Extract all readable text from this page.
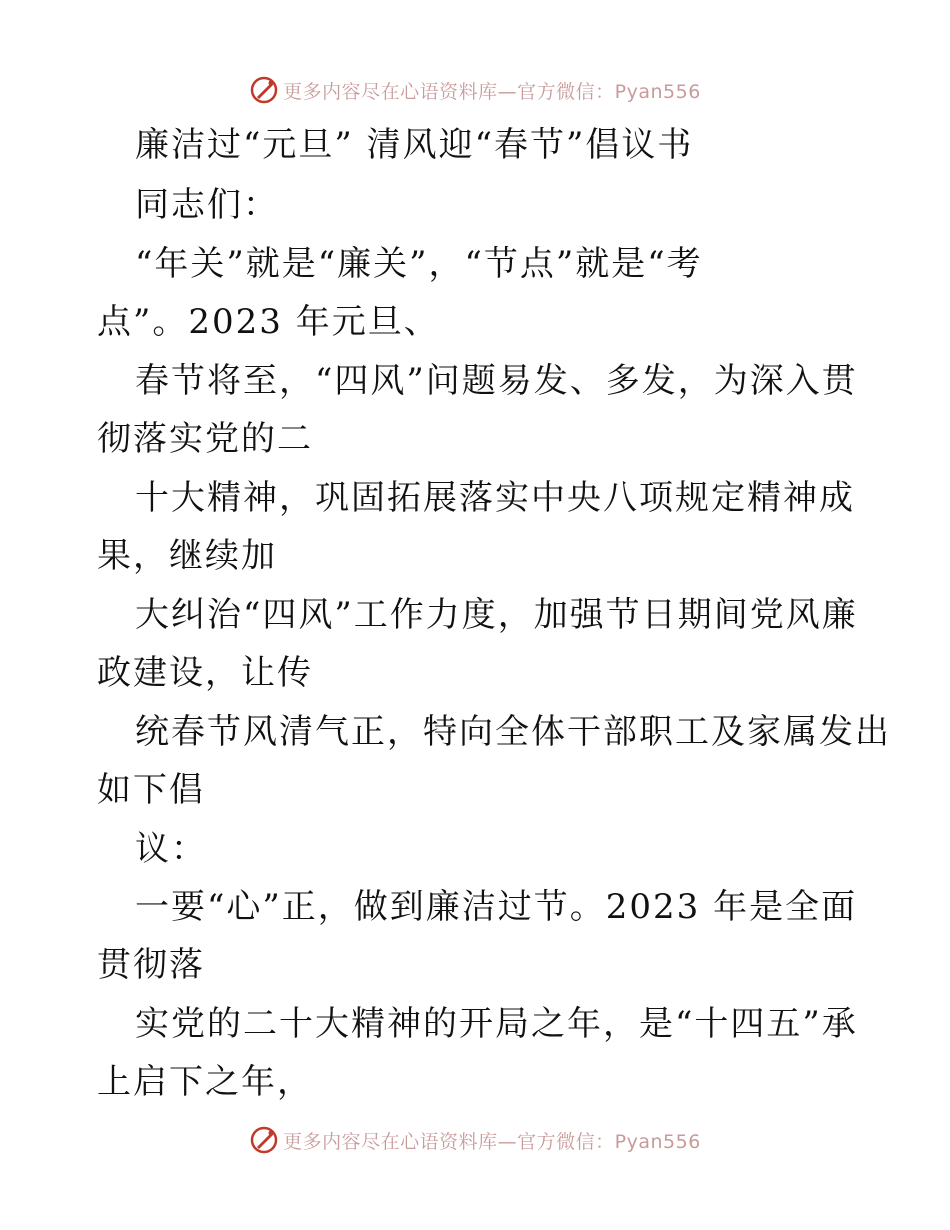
更多内容尽在心语资料库—官方微信：Pyan556
廉洁过“元旦” 清风迎“春节”倡议书
同志们：
“年关”就是“廉关”，“节点”就是“考
点”。2023 年元旦、
春节将至，“四风”问题易发、多发，为深入贯
彻落实党的二
十大精神，巩固拓展落实中央八项规定精神成
果，继续加
大纠治“四风”工作力度，加强节日期间党风廉
政建设，让传
统春节风清气正，特向全体干部职工及家属发出
如下倡
议：
一要“心”正，做到廉洁过节。2023 年是全面
贯彻落
实党的二十大精神的开局之年，是“十四五”承
上启下之年，
更多内容尽在心语资料库—官方微信：Pyan556
